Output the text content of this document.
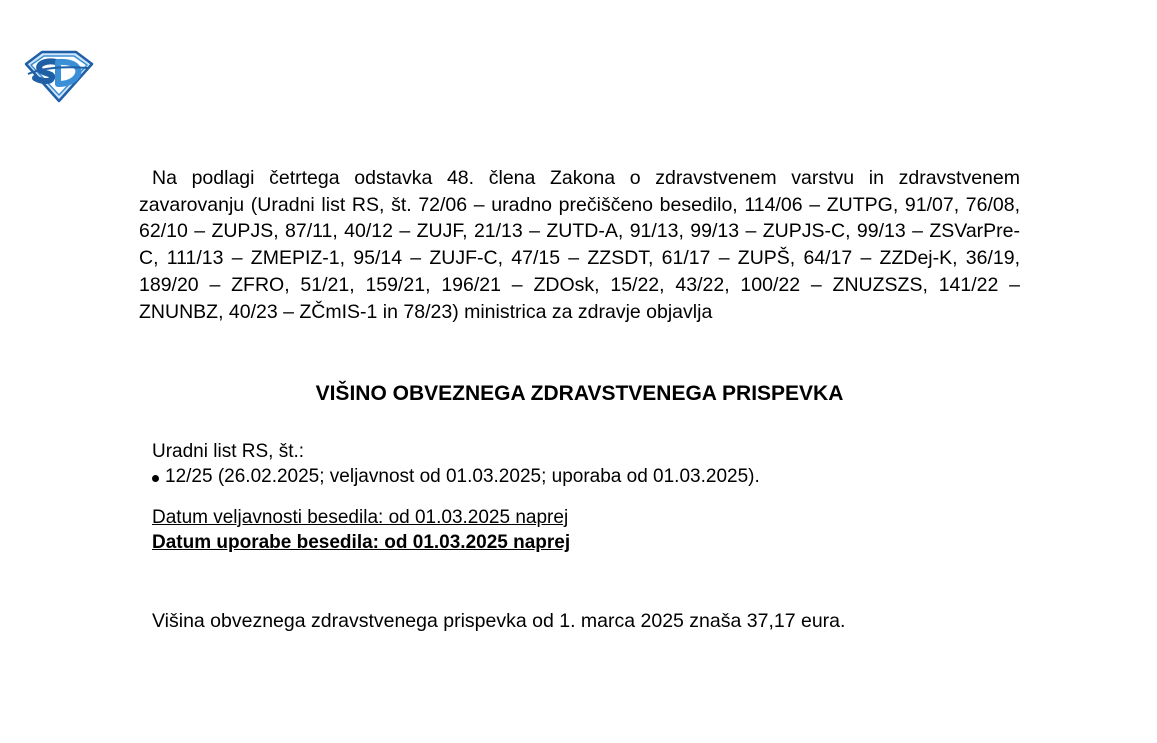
Na podlagi četrtega odstavka 48. člena Zakona o zdravstvenem varstvu in zdravstvenem zavarovanju (Uradni list RS, št. 72/06 – uradno prečiščeno besedilo, 114/06 – ZUTPG, 91/07, 76/08, 62/10 – ZUPJS, 87/11, 40/12 – ZUJF, 21/13 – ZUTD-A, 91/13, 99/13 – ZUPJS-C, 99/13 – ZSVarPre-C, 111/13 – ZMEPIZ-1, 95/14 – ZUJF-C, 47/15 – ZZSDT, 61/17 – ZUPŠ, 64/17 – ZZDej-K, 36/19, 189/20 – ZFRO, 51/21, 159/21, 196/21 – ZDOsk, 15/22, 43/22, 100/22 – ZNUZSZS, 141/22 – ZNUNBZ, 40/23 – ZČmIS-1 in 78/23) ministrica za zdravje objavlja

VIŠINO OBVEZNEGA ZDRAVSTVENEGA PRISPEVKA
Uradni list RS, št.:
12/25 (26.02.2025; veljavnost od 01.03.2025; uporaba od 01.03.2025).
Datum veljavnosti besedila: od 01.03.2025 naprej
Datum uporabe besedila: od 01.03.2025 naprej
Višina obveznega zdravstvenega prispevka od 1. marca 2025 znaša 37,17 eura.
